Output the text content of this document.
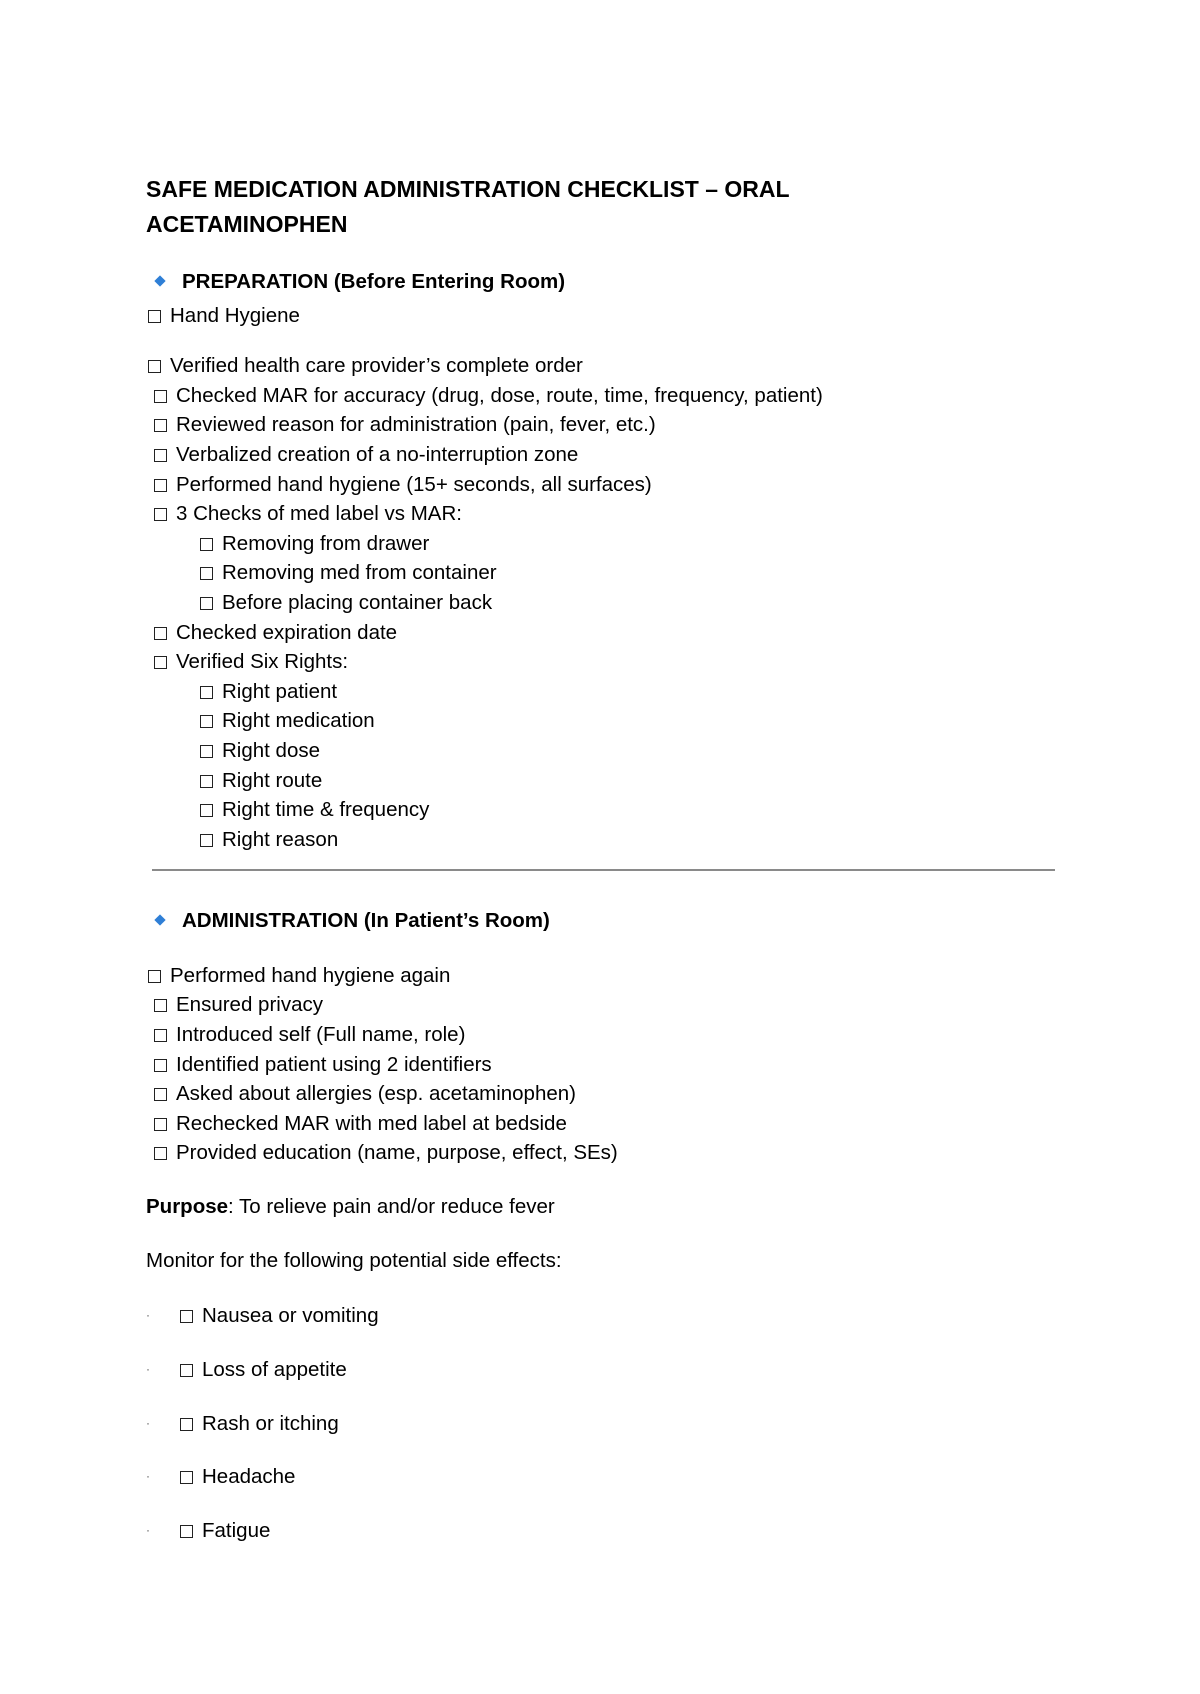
SAFE MEDICATION ADMINISTRATION CHECKLIST – ORAL ACETAMINOPHEN
PREPARATION (Before Entering Room)
Hand Hygiene
Verified health care provider’s complete order
Checked MAR for accuracy (drug, dose, route, time, frequency, patient)
Reviewed reason for administration (pain, fever, etc.)
Verbalized creation of a no-interruption zone
Performed hand hygiene (15+ seconds, all surfaces)
3 Checks of med label vs MAR:
Removing from drawer
Removing med from container
Before placing container back
Checked expiration date
Verified Six Rights:
Right patient
Right medication
Right dose
Right route
Right time & frequency
Right reason
ADMINISTRATION (In Patient’s Room)
Performed hand hygiene again
Ensured privacy
Introduced self (Full name, role)
Identified patient using 2 identifiers
Asked about allergies (esp. acetaminophen)
Rechecked MAR with med label at bedside
Provided education (name, purpose, effect, SEs)
Purpose: To relieve pain and/or reduce fever
Monitor for the following potential side effects:
·	Nausea or vomiting
·	Loss of appetite
·	Rash or itching
·	Headache
·	Fatigue
